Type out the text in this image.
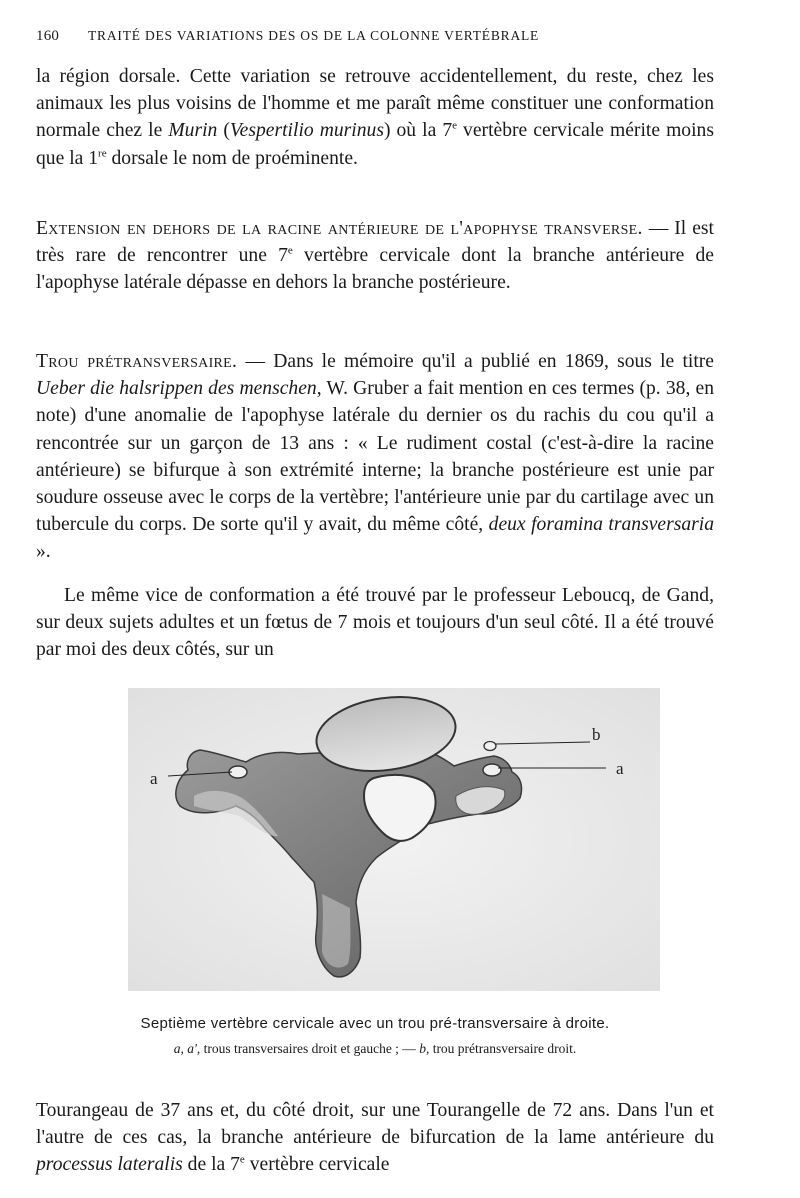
160 TRAITÉ DES VARIATIONS DES OS DE LA COLONNE VERTÉBRALE

la région dorsale. Cette variation se retrouve accidentellement, du reste, chez les animaux les plus voisins de l'homme et me paraît même constituer une conformation normale chez le Murin (Vespertilio murinus) où la 7e vertèbre cervicale mérite moins que la 1re dorsale le nom de proéminente.

Extension en dehors de la racine antérieure de l'apophyse transverse. — Il est très rare de rencontrer une 7e vertèbre cervicale dont la branche antérieure de l'apophyse latérale dépasse en dehors la branche postérieure.

Trou prétransversaire. — Dans le mémoire qu'il a publié en 1869, sous le titre Ueber die halsrippen des menschen, W. Gruber a fait mention en ces termes (p. 38, en note) d'une anomalie de l'apophyse latérale du dernier os du rachis du cou qu'il a rencontrée sur un garçon de 13 ans : « Le rudiment costal (c'est-à-dire la racine antérieure) se bifurque à son extrémité interne; la branche postérieure est unie par soudure osseuse avec le corps de la vertèbre; l'antérieure unie par du cartilage avec un tubercule du corps. De sorte qu'il y avait, du même côté, deux foramina transversaria ».

Le même vice de conformation a été trouvé par le professeur Leboucq, de Gand, sur deux sujets adultes et un fœtus de 7 mois et toujours d'un seul côté. Il a été trouvé par moi des deux côtés, sur un

a
a
b
Septième vertèbre cervicale avec un trou pré-transversaire à droite.
a, a', trous transversaires droit et gauche ; — b, trou prétransversaire droit.

Tourangeau de 37 ans et, du côté droit, sur une Tourangelle de 72 ans. Dans l'un et l'autre de ces cas, la branche antérieure de bifurcation de la lame antérieure du processus lateralis de la 7e vertèbre cervicale
